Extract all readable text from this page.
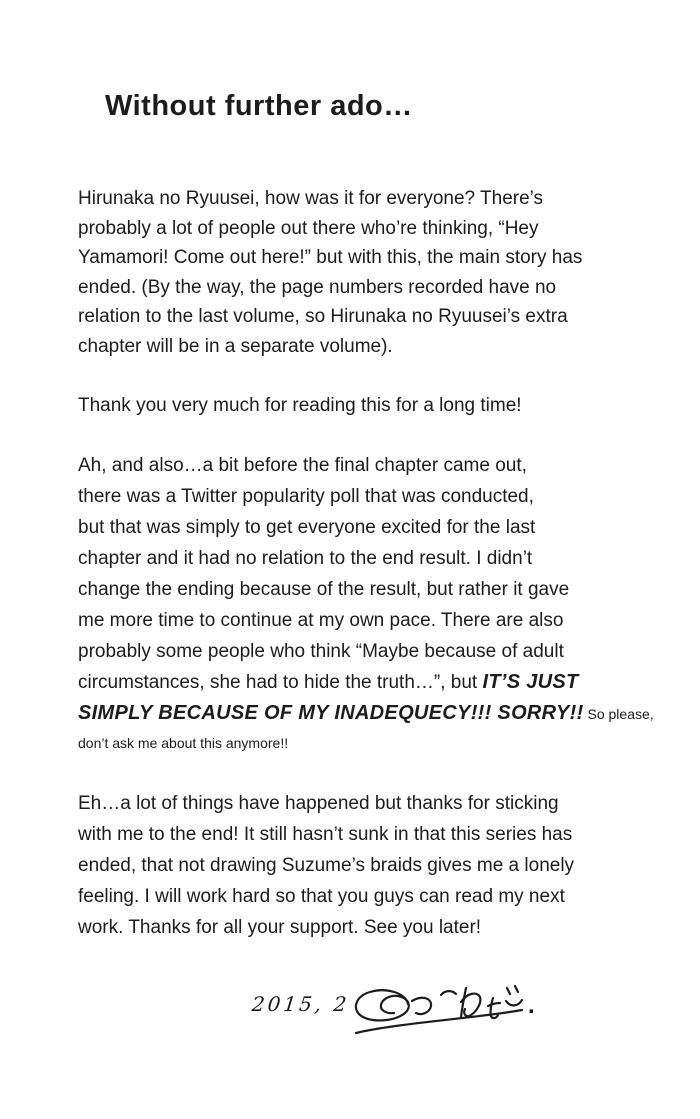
Without further ado…
Hirunaka no Ryuusei, how was it for everyone? There’s
probably a lot of people out there who’re thinking, “Hey
Yamamori! Come out here!” but with this, the main story has
ended. (By the way, the page numbers recorded have no
relation to the last volume, so Hirunaka no Ryuusei’s extra
chapter will be in a separate volume).
Thank you very much for reading this for a long time!
Ah, and also…a bit before the final chapter came out,
there was a Twitter popularity poll that was conducted,
but that was simply to get everyone excited for the last
chapter and it had no relation to the end result. I didn’t
change the ending because of the result, but rather it gave
me more time to continue at my own pace. There are also
probably some people who think “Maybe because of adult
circumstances, she had to hide the truth…”, but IT’S JUST
SIMPLY BECAUSE OF MY INADEQUECY!!! SORRY!! So please,
don’t ask me about this anymore!!
Eh…a lot of things have happened but thanks for sticking
with me to the end! It still hasn’t sunk in that this series has
ended, that not drawing Suzume’s braids gives me a lonely
feeling. I will work hard so that you guys can read my next
work. Thanks for all your support. See you later!
2015, 2	.
